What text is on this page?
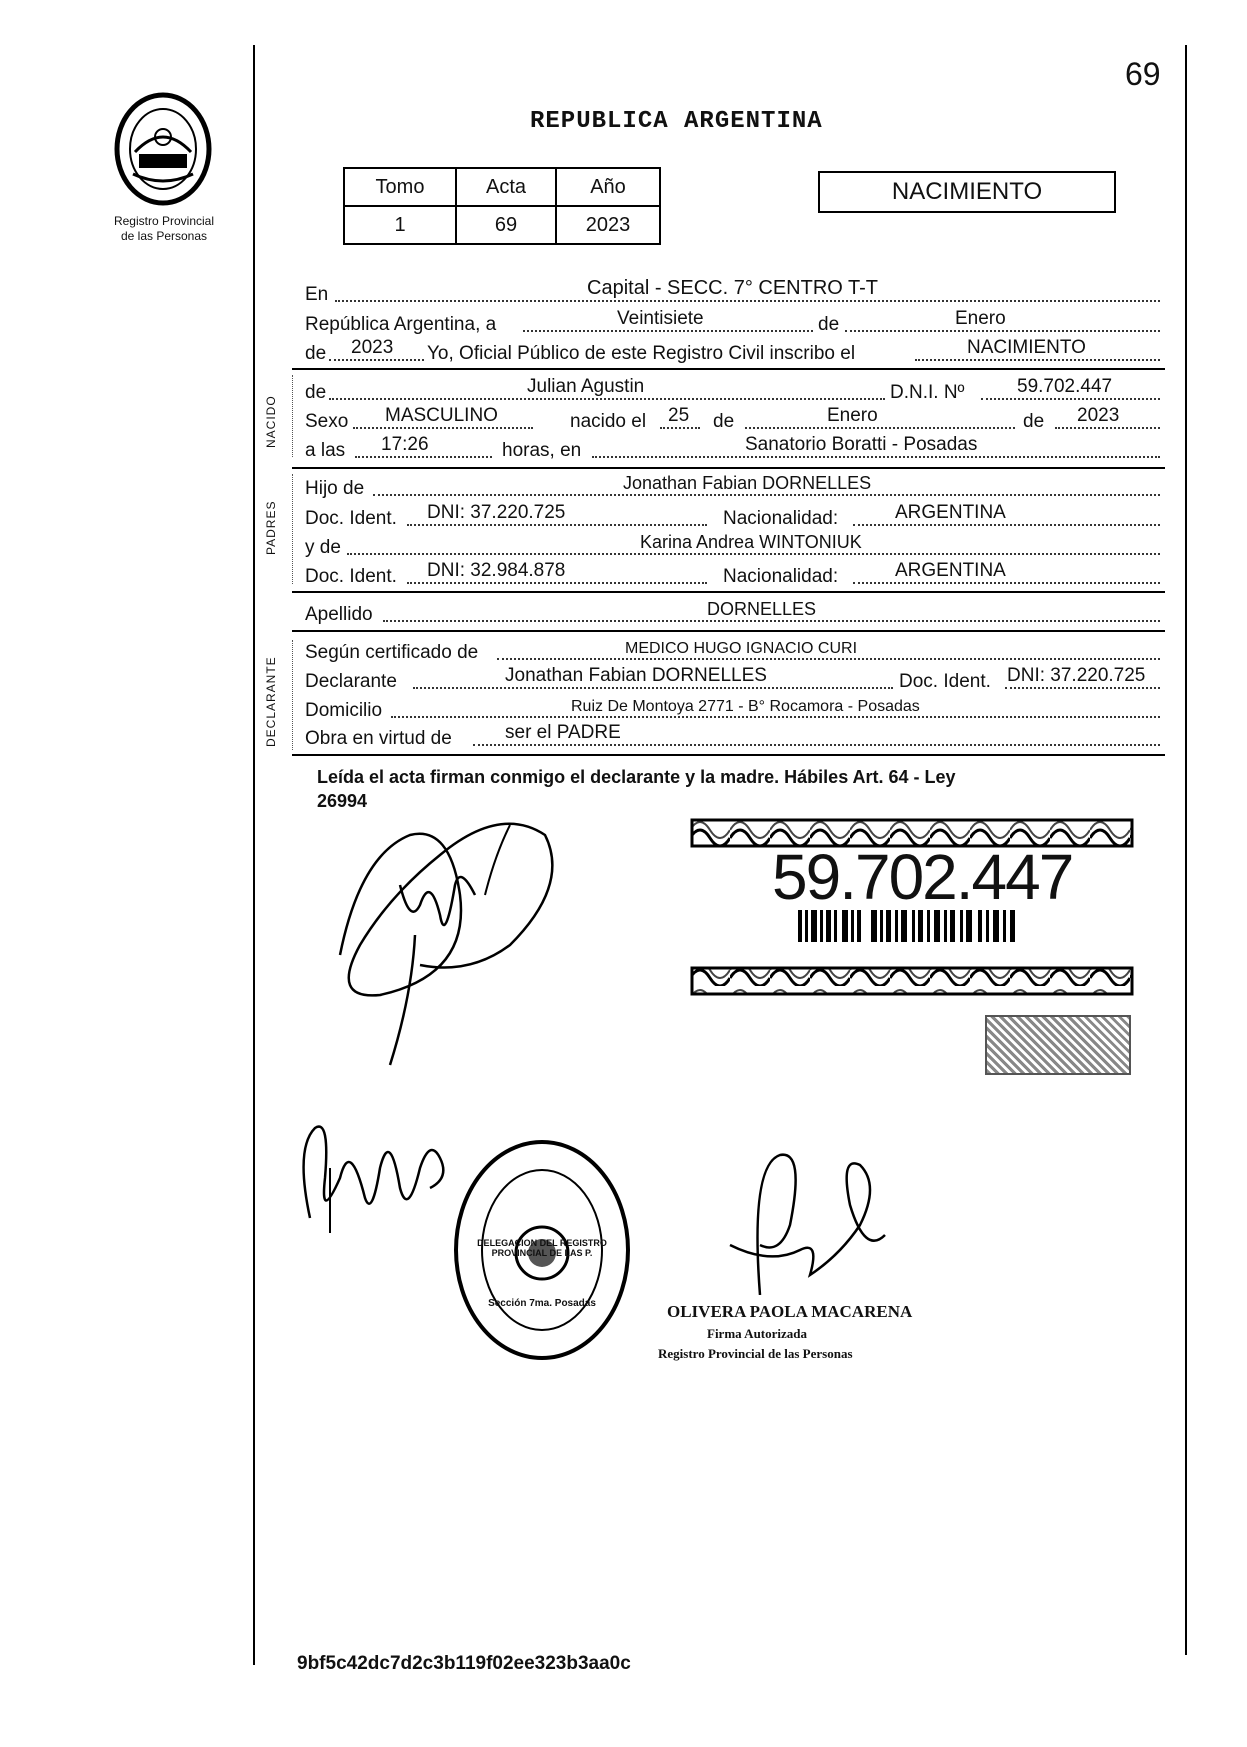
69
Registro Provincial
de las Personas
REPUBLICA ARGENTINA
Tomo	Acta	Año
1	69	2023
NACIMIENTO
En	Capital - SECC. 7° CENTRO T-T
República Argentina, a	Veintisiete	de	Enero
de 2023 Yo, Oficial Público de este Registro Civil inscribo el	NACIMIENTO
NACIDO
de	Julian Agustin	D.N.I. Nº	59.702.447
Sexo MASCULINO	nacido el 25 de	Enero	de 2023
a las 17:26	horas, en	Sanatorio Boratti - Posadas
PADRES
Hijo de	Jonathan Fabian DORNELLES
Doc. Ident. DNI: 37.220.725	Nacionalidad:	ARGENTINA
y de	Karina Andrea WINTONIUK
Doc. Ident. DNI: 32.984.878	Nacionalidad:	ARGENTINA
Apellido	DORNELLES
DECLARANTE
Según certificado de	MEDICO HUGO IGNACIO CURI
Declarante	Jonathan Fabian DORNELLES	Doc. Ident. DNI: 37.220.725
Domicilio	Ruiz De Montoya 2771 - B° Rocamora - Posadas
Obra en virtud de	ser el PADRE
Leída el acta firman conmigo el declarante y la madre. Hábiles Art. 64 - Ley
26994
59.702.447
DELEGACION DEL REGISTRO PROVINCIAL DE LAS P.
Sección 7ma. Posadas	OLIVERA PAOLA MACARENA
Firma Autorizada
Registro Provincial de las Personas
9bf5c42dc7d2c3b119f02ee323b3aa0c
